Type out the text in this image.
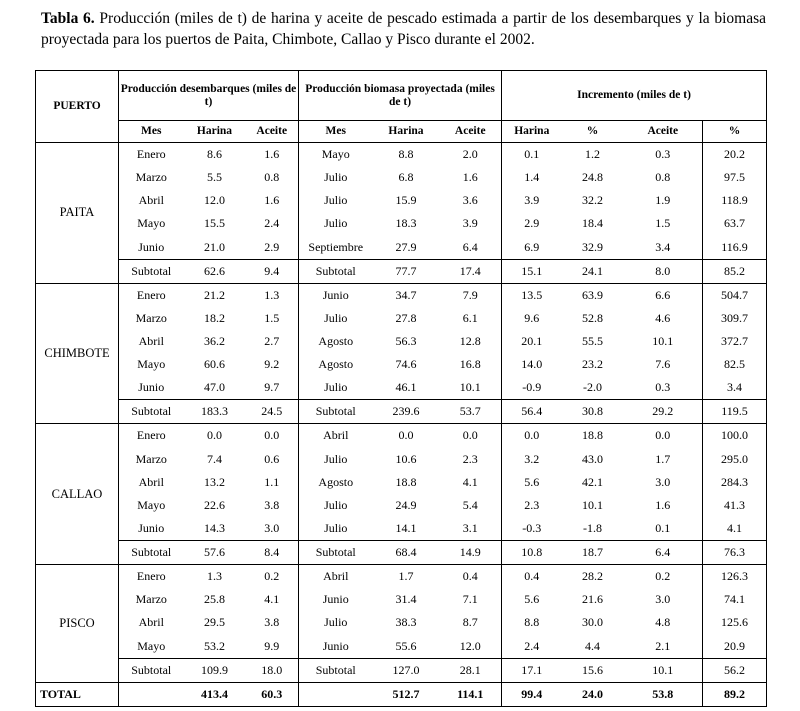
Tabla 6. Producción (miles de t) de harina y aceite de pescado estimada a partir de los desembarques y la biomasa proyectada para los puertos de Paita, Chimbote, Callao y Pisco durante el 2002.
PUERTO	Producción desembarques (miles de t)			Producción biomasa proyectada (miles de t)			Incremento (miles de t)			
	Mes	Harina	Aceite	Mes	Harina	Aceite	Harina	%	Aceite	%
PAITA	Enero	8.6	1.6	Mayo	8.8	2.0	0.1	1.2	0.3	20.2
	Marzo	5.5	0.8	Julio	6.8	1.6	1.4	24.8	0.8	97.5
	Abril	12.0	1.6	Julio	15.9	3.6	3.9	32.2	1.9	118.9
	Mayo	15.5	2.4	Julio	18.3	3.9	2.9	18.4	1.5	63.7
	Junio	21.0	2.9	Septiembre	27.9	6.4	6.9	32.9	3.4	116.9
	Subtotal	62.6	9.4	Subtotal	77.7	17.4	15.1	24.1	8.0	85.2
CHIMBOTE	Enero	21.2	1.3	Junio	34.7	7.9	13.5	63.9	6.6	504.7
	Marzo	18.2	1.5	Julio	27.8	6.1	9.6	52.8	4.6	309.7
	Abril	36.2	2.7	Agosto	56.3	12.8	20.1	55.5	10.1	372.7
	Mayo	60.6	9.2	Agosto	74.6	16.8	14.0	23.2	7.6	82.5
	Junio	47.0	9.7	Julio	46.1	10.1	-0.9	-2.0	0.3	3.4
	Subtotal	183.3	24.5	Subtotal	239.6	53.7	56.4	30.8	29.2	119.5
CALLAO	Enero	0.0	0.0	Abril	0.0	0.0	0.0	18.8	0.0	100.0
	Marzo	7.4	0.6	Julio	10.6	2.3	3.2	43.0	1.7	295.0
	Abril	13.2	1.1	Agosto	18.8	4.1	5.6	42.1	3.0	284.3
	Mayo	22.6	3.8	Julio	24.9	5.4	2.3	10.1	1.6	41.3
	Junio	14.3	3.0	Julio	14.1	3.1	-0.3	-1.8	0.1	4.1
	Subtotal	57.6	8.4	Subtotal	68.4	14.9	10.8	18.7	6.4	76.3
PISCO	Enero	1.3	0.2	Abril	1.7	0.4	0.4	28.2	0.2	126.3
	Marzo	25.8	4.1	Junio	31.4	7.1	5.6	21.6	3.0	74.1
	Abril	29.5	3.8	Julio	38.3	8.7	8.8	30.0	4.8	125.6
	Mayo	53.2	9.9	Junio	55.6	12.0	2.4	4.4	2.1	20.9
	Subtotal	109.9	18.0	Subtotal	127.0	28.1	17.1	15.6	10.1	56.2
TOTAL		413.4	60.3		512.7	114.1	99.4	24.0	53.8	89.2
